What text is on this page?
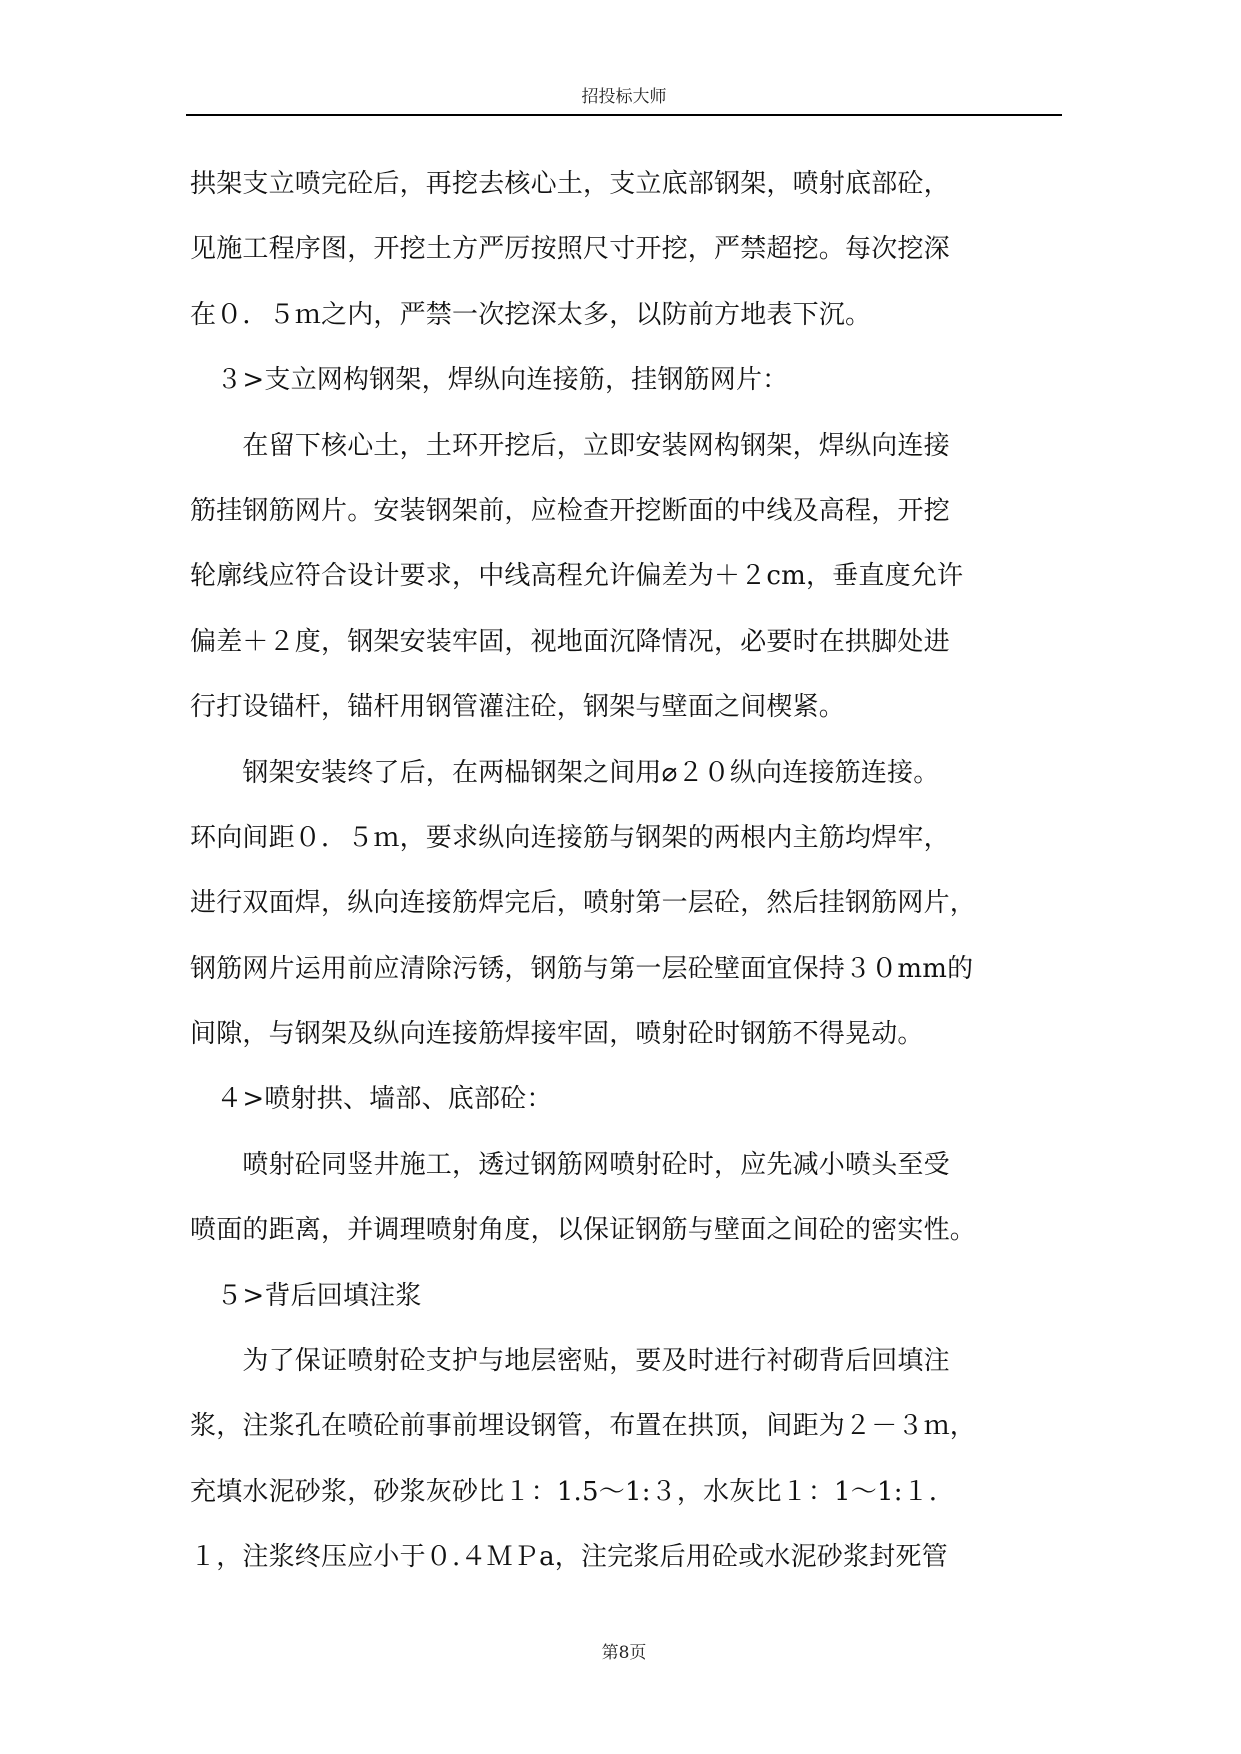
招投标大师
拱架支立喷完砼后，再挖去核心土，支立底部钢架，喷射底部砼，
见施工程序图，开挖土方严厉按照尺寸开挖，严禁超挖。每次挖深
在０．５ｍ之内，严禁一次挖深太多，以防前方地表下沉。
　３>支立网构钢架，焊纵向连接筋，挂钢筋网片：
　　在留下核心土，土环开挖后，立即安装网构钢架，焊纵向连接
筋挂钢筋网片。安装钢架前，应检查开挖断面的中线及高程，开挖
轮廓线应符合设计要求，中线高程允许偏差为＋２cm，垂直度允许
偏差＋２度，钢架安装牢固，视地面沉降情况，必要时在拱脚处进
行打设锚杆，锚杆用钢管灌注砼，钢架与壁面之间楔紧。
　　钢架安装终了后，在两榀钢架之间用⌀２０纵向连接筋连接。
环向间距０．５ｍ，要求纵向连接筋与钢架的两根内主筋均焊牢，
进行双面焊，纵向连接筋焊完后，喷射第一层砼，然后挂钢筋网片，
钢筋网片运用前应清除污锈，钢筋与第一层砼壁面宜保持３０mm的
间隙，与钢架及纵向连接筋焊接牢固，喷射砼时钢筋不得晃动。
　４>喷射拱、墙部、底部砼：
　　喷射砼同竖井施工，透过钢筋网喷射砼时，应先减小喷头至受
喷面的距离，并调理喷射角度，以保证钢筋与壁面之间砼的密实性。
　５>背后回填注浆
　　为了保证喷射砼支护与地层密贴，要及时进行衬砌背后回填注
浆，注浆孔在喷砼前事前埋设钢管，布置在拱顶，间距为２－３ｍ，
充填水泥砂浆，砂浆灰砂比１：1.5～1:３，水灰比１：1～1:１．
１，注浆终压应小于０.４ＭＰa，注完浆后用砼或水泥砂浆封死管
第8页
